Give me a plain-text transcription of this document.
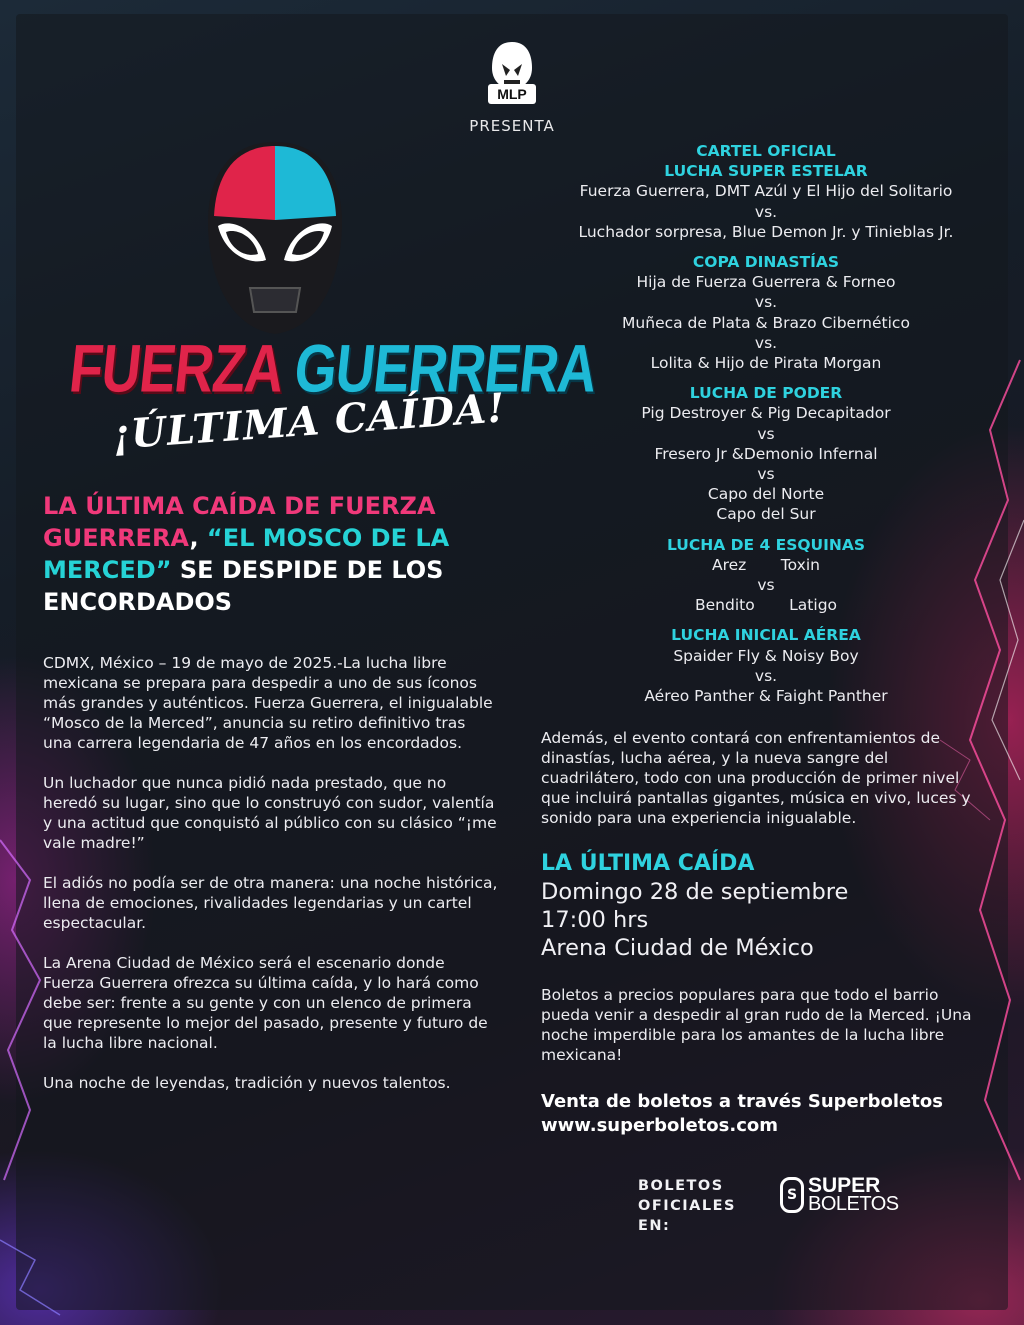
MLP
PRESENTA
FUERZA GUERRERA
¡ÚLTIMA CAÍDA!
LA ÚLTIMA CAÍDA DE FUERZA GUERRERA, “EL MOSCO DE LA MERCED” SE DESPIDE DE LOS ENCORDADOS

CDMX, México – 19 de mayo de 2025.-La lucha libre mexicana se prepara para despedir a uno de sus íconos más grandes y auténticos. Fuerza Guerrera, el inigualable “Mosco de la Merced”, anuncia su retiro definitivo tras una carrera legendaria de 47 años en los encordados.

Un luchador que nunca pidió nada prestado, que no heredó su lugar, sino que lo construyó con sudor, valentía y una actitud que conquistó al público con su clásico “¡me vale madre!”

El adiós no podía ser de otra manera: una noche histórica, llena de emociones, rivalidades legendarias y un cartel espectacular.

La Arena Ciudad de México será el escenario donde Fuerza Guerrera ofrezca su última caída, y lo hará como debe ser: frente a su gente y con un elenco de primera que represente lo mejor del pasado, presente y futuro de la lucha libre nacional.

Una noche de leyendas, tradición y nuevos talentos.

CARTEL OFICIAL
LUCHA SUPER ESTELAR
Fuerza Guerrera, DMT Azúl y El Hijo del Solitario
vs.
Luchador sorpresa, Blue Demon Jr. y Tinieblas Jr.
COPA DINASTÍAS
Hija de Fuerza Guerrera & Forneo
vs.
Muñeca de Plata & Brazo Cibernético
vs.
Lolita & Hijo de Pirata Morgan
LUCHA DE PODER
Pig Destroyer & Pig Decapitador
vs
Fresero Jr &Demonio Infernal
vs
Capo del Norte
Capo del Sur
LUCHA DE 4 ESQUINAS
Arez       Toxin
vs
Bendito       Latigo
LUCHA INICIAL AÉREA
Spaider Fly & Noisy Boy
vs.
Aéreo Panther & Faight Panther
Además, el evento contará con enfrentamientos de dinastías, lucha aérea, y la nueva sangre del cuadrilátero, todo con una producción de primer nivel que incluirá pantallas gigantes, música en vivo, luces y sonido para una experiencia inigualable.
LA ÚLTIMA CAÍDA
Domingo 28 de septiembre
17:00 hrs
Arena Ciudad de México
Boletos a precios populares para que todo el barrio pueda venir a despedir al gran rudo de la Merced. ¡Una noche imperdible para los amantes de la lucha libre mexicana!
Venta de boletos a través Superboletos
www.superboletos.com
BOLETOS
OFICIALES EN:
S SUPER
BOLETOS
